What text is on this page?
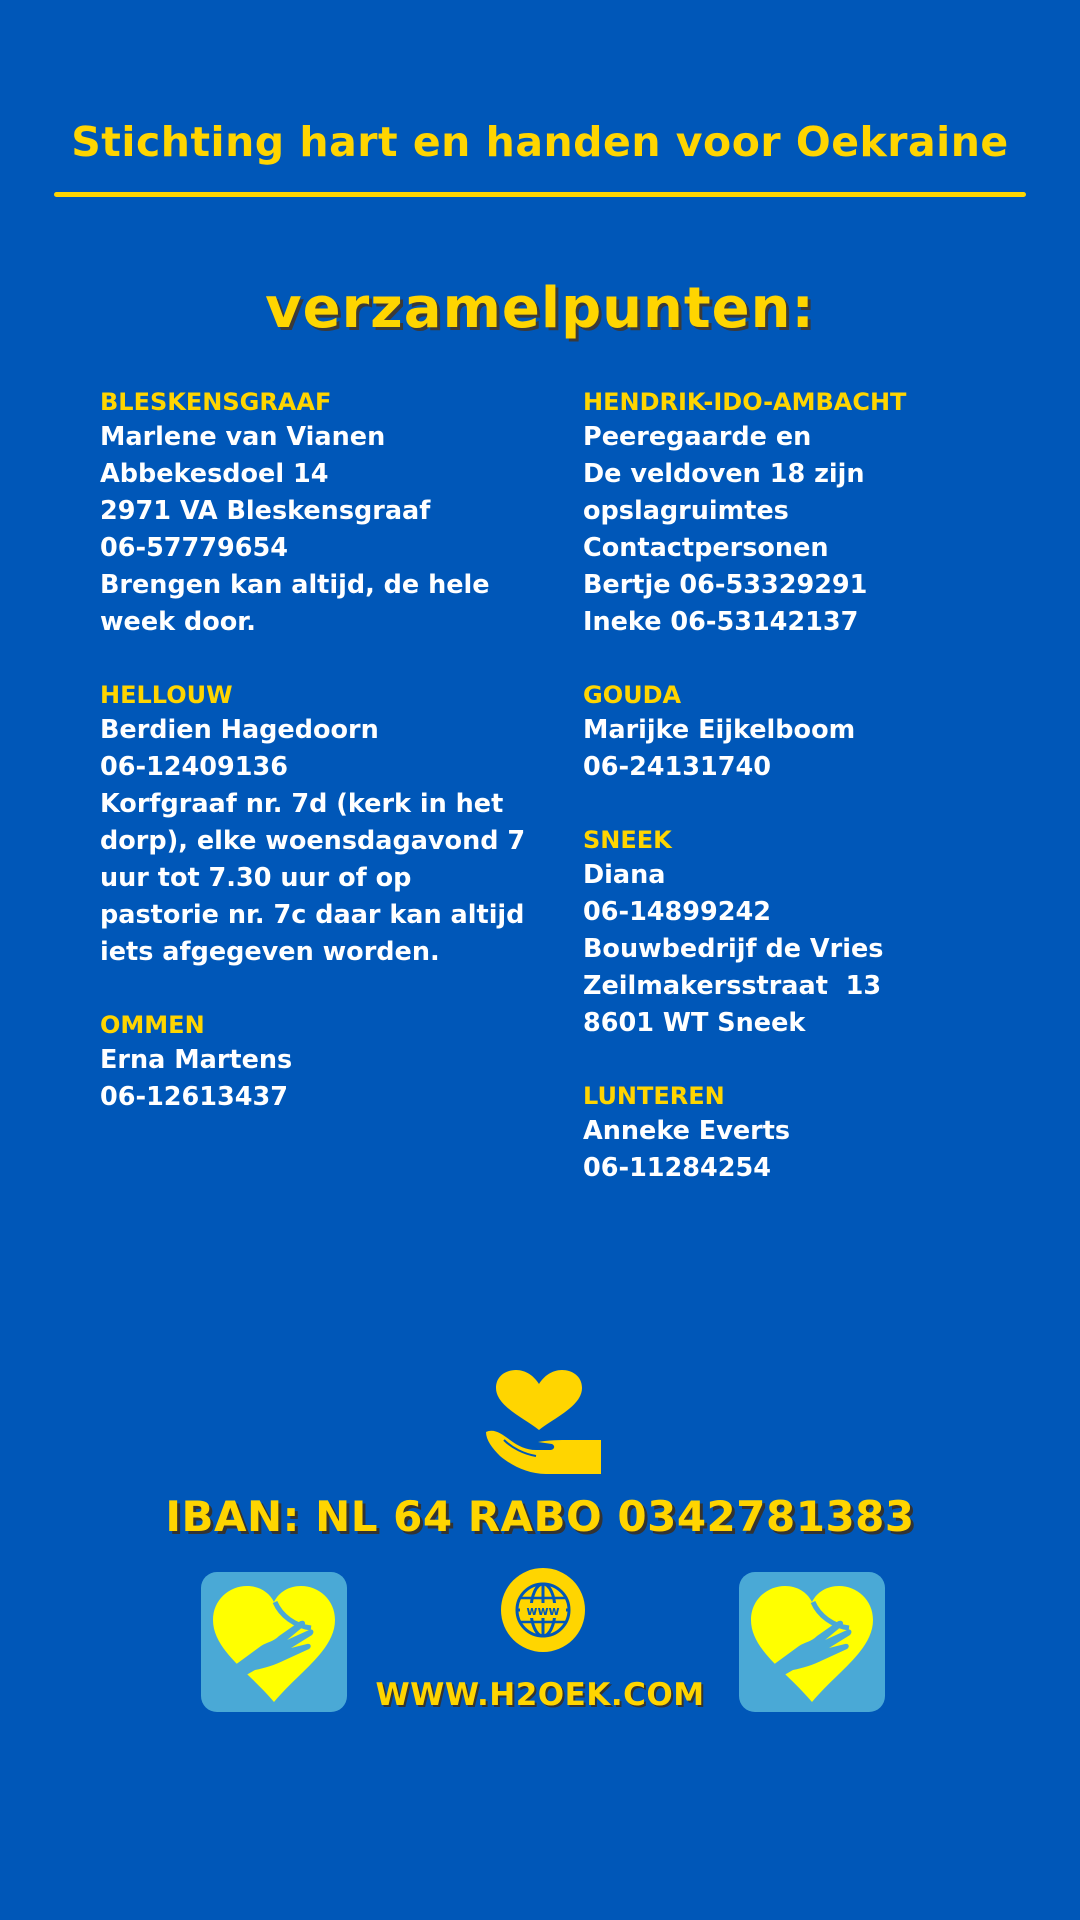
Stichting hart en handen voor Oekraine
verzamelpunten:
BLESKENSGRAAF
Marlene van Vianen
Abbekesdoel 14
2971 VA Bleskensgraaf
06-57779654
Brengen kan altijd, de hele
week door.
HELLOUW
Berdien Hagedoorn
06-12409136
Korfgraaf nr. 7d (kerk in het
dorp), elke woensdagavond 7
uur tot 7.30 uur of op
pastorie nr. 7c daar kan altijd
iets afgegeven worden.
OMMEN
Erna Martens
06-12613437
HENDRIK-IDO-AMBACHT
Peeregaarde en
De veldoven 18 zijn
opslagruimtes
Contactpersonen
Bertje 06-53329291
Ineke 06-53142137
GOUDA
Marijke Eijkelboom
06-24131740
SNEEK
Diana
06-14899242
Bouwbedrijf de Vries
Zeilmakersstraat  13
8601 WT Sneek
LUNTEREN
Anneke Everts
06-11284254
IBAN: NL 64 RABO 0342781383
www
WWW.H2OEK.COM
